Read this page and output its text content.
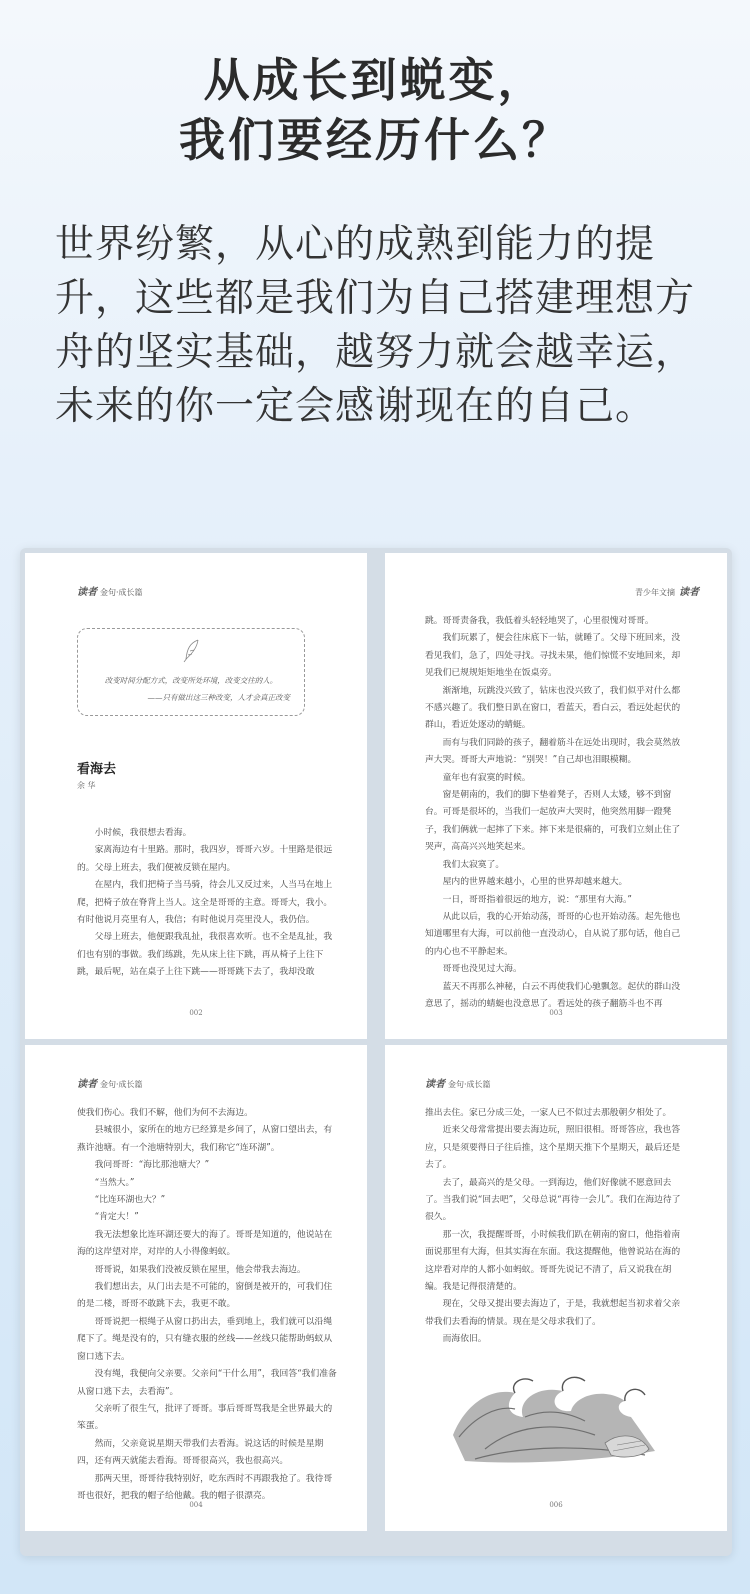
从成长到蜕变，
我们要经历什么？
世界纷繁，从心的成熟到能力的提升，这些都是我们为自己搭建理想方舟的坚实基础，越努力就会越幸运，未来的你一定会感谢现在的自己。
读者 金句·成长篇
改变时间分配方式，改变所处环境，改变交往的人。
——只有做出这三种改变，人才会真正改变
看海去
余 华

小时候，我很想去看海。

家离海边有十里路。那时，我四岁，哥哥六岁。十里路是很远的。父母上班去，我们便被反锁在屋内。

在屋内，我们把椅子当马骑，待会儿又反过来，人当马在地上爬，把椅子放在脊背上当人。这全是哥哥的主意。哥哥大，我小。有时他说月亮里有人，我信；有时他说月亮里没人，我仍信。

父母上班去，他便跟我乱扯，我很喜欢听。也不全是乱扯，我们也有别的事做。我们练跳，先从床上往下跳，再从椅子上往下跳，最后呢，站在桌子上往下跳——哥哥跳下去了，我却没敢

002
青少年文摘 读者

跳。哥哥责备我，我低着头轻轻地哭了，心里很愧对哥哥。

我们玩累了，便会往床底下一钻，就睡了。父母下班回来，没看见我们，急了，四处寻找。寻找未果，他们惊慌不安地回来，却见我们已规规矩矩地坐在饭桌旁。

渐渐地，玩跳没兴致了，钻床也没兴致了，我们似乎对什么都不感兴趣了。我们整日趴在窗口，看蓝天，看白云，看远处起伏的群山，看近处逐动的蜻蜓。

而有与我们同龄的孩子，翻着筋斗在远处出现时，我会莫然放声大哭。哥哥大声地说：“别哭！”自己却也泪眼模糊。

童年也有寂寞的时候。

窗是朝南的，我们的脚下垫着凳子，否则人太矮，够不到窗台。可哥是很坏的，当我们一起放声大哭时，他突然用脚一蹬凳子，我们俩就一起摔了下来。摔下来是很痛的，可我们立刻止住了哭声，高高兴兴地笑起来。

我们太寂寞了。

屋内的世界越来越小，心里的世界却越来越大。

一日，哥哥指着很远的地方，说：“那里有大海。”

从此以后，我的心开始动荡，哥哥的心也开始动荡。起先他也知道哪里有大海，可以前他一直没动心，自从说了那句话，他自己的内心也不平静起来。

哥哥也没见过大海。

蓝天不再那么神秘，白云不再使我们心驰飘忽。起伏的群山没意思了，摇动的蜻蜓也没意思了。看远处的孩子翻筋斗也不再

003
读者 金句·成长篇

使我们伤心。我们不解，他们为何不去海边。

县城很小，家所在的地方已经算是乡间了，从窗口望出去，有燕许池塘。有一个池塘特别大，我们称它“连环湖”。

我问哥哥：“海比那池塘大？”

“当然大。”

“比连环湖也大？”

“肯定大！”

我无法想象比连环湖还要大的海了。哥哥是知道的，他说站在海的这岸望对岸，对岸的人小得像蚂蚁。

哥哥说，如果我们没被反锁在屋里，他会带我去海边。

我们想出去，从门出去是不可能的，窗倒是被开的，可我们住的是二楼，哥哥不敢跳下去，我更不敢。

哥哥说把一根绳子从窗口扔出去，垂到地上，我们就可以沿绳爬下了。绳是没有的，只有缝衣服的丝线——丝线只能帮助蚂蚁从窗口逃下去。

没有绳，我便向父亲要。父亲问“干什么用”，我回答“我们准备从窗口逃下去，去看海”。

父亲听了很生气，批评了哥哥。事后哥哥骂我是全世界最大的笨蛋。

然而，父亲竟说星期天带我们去看海。说这话的时候是星期四，还有两天就能去看海。哥哥很高兴，我也很高兴。

那两天里，哥哥待我特别好，吃东西时不再跟我抢了。我待哥哥也很好，把我的帽子给他戴。我的帽子很漂亮。

004
读者 金句·成长篇

推出去住。家已分成三处，一家人已不似过去那般朝夕相处了。

近来父母常常提出要去海边玩，照旧很相。哥哥答应，我也答应，只是须要得日子往后推，这个星期天推下个星期天，最后还是去了。

去了，最高兴的是父母。一到海边，他们好像就不愿意回去了。当我们说“回去吧”，父母总说“再待一会儿”。我们在海边待了很久。

那一次，我提醒哥哥，小时候我们趴在朝南的窗口，他指着南面说那里有大海，但其实海在东面。我这提醒他，他曾说站在海的这岸看对岸的人都小如蚂蚁。哥哥先说记不清了，后又说我在胡编。我是记得很清楚的。

现在，父母又提出要去海边了，于是，我就想起当初求着父亲带我们去看海的情景。现在是父母求我们了。

而海依旧。

006
